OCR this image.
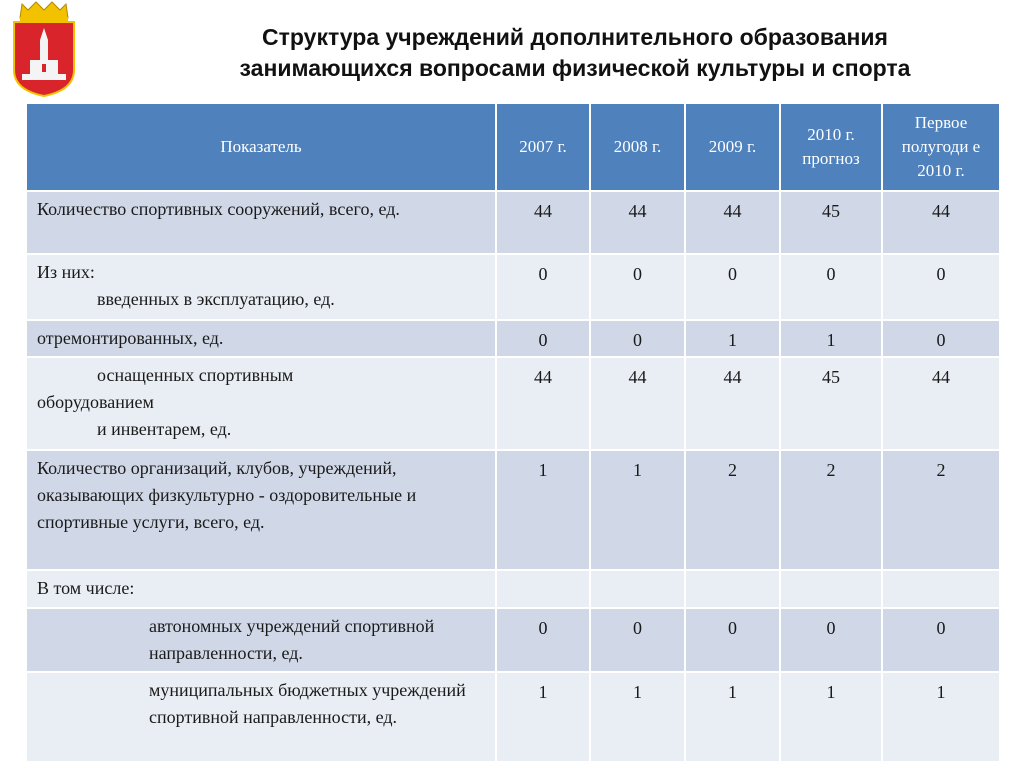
Структура учреждений дополнительного образования
занимающихся вопросами физической культуры и спорта
Показатель	2007 г.	2008 г.	2009 г.	2010 г. прогноз	Первое полугоди е 2010 г.
Количество спортивных сооружений, всего, ед.	44	44	44	45	44

Из них:
введенных в эксплуатацию, ед.	0	0	0	0	0
отремонтированных, ед.	0	0	1	1	0

оснащенных спортивным
оборудованием
и инвентарем, ед.	44	44	44	45	44
Количество организаций, клубов, учреждений, оказывающих физкультурно - оздоровительные и спортивные услуги, всего, ед.	1	1	2	2	2
В том числе:					

автономных учреждений спортивной направленности, ед.	0	0	0	0	0

муниципальных бюджетных учреждений спортивной направленности, ед.	1	1	1	1	1
